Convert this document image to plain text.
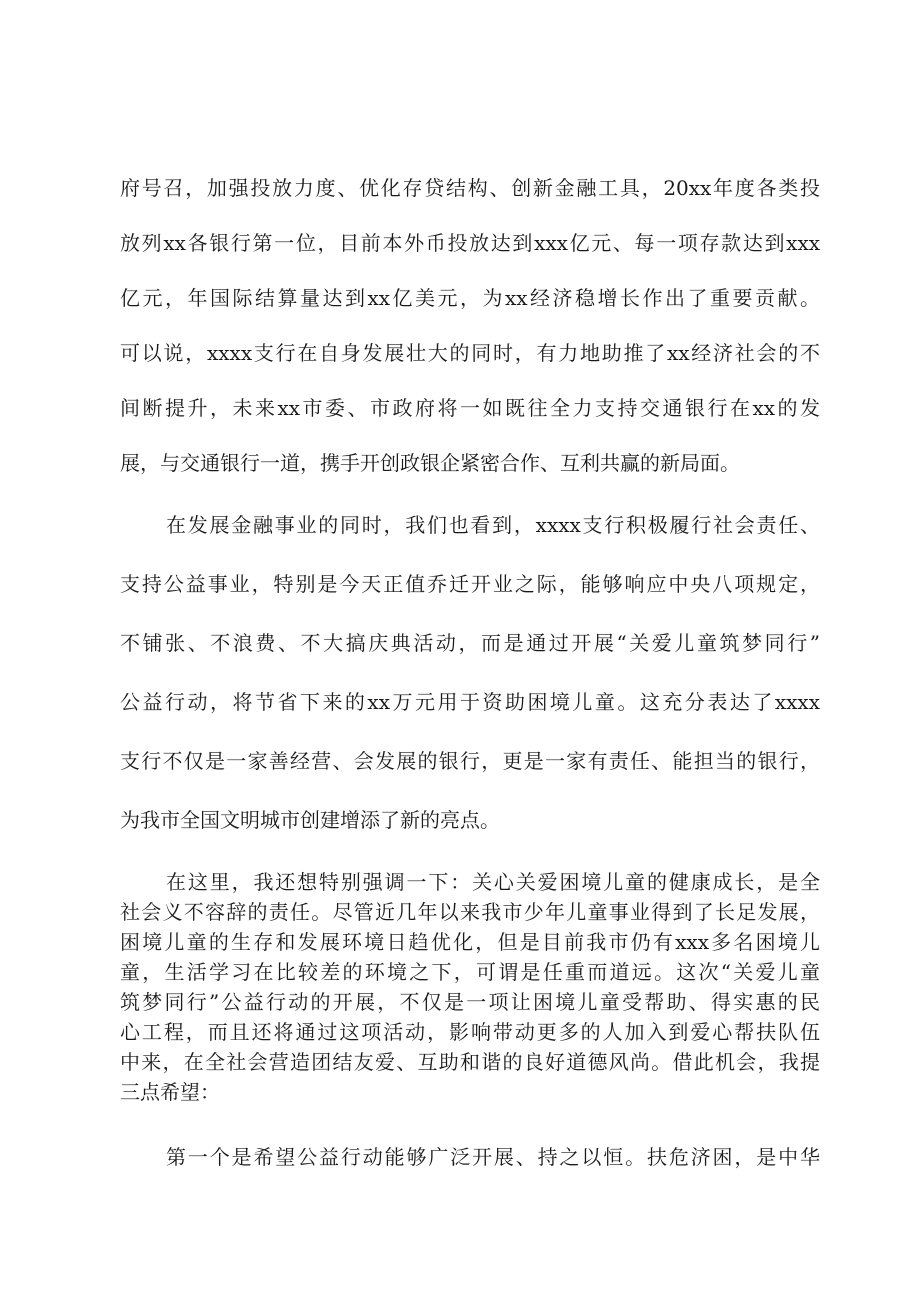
府号召，加强投放力度、优化存贷结构、创新金融工具，20xx年度各类投
放列xx各银行第一位，目前本外币投放达到xxx亿元、每一项存款达到xxx
亿元，年国际结算量达到xx亿美元，为xx经济稳增长作出了重要贡献。
可以说，xxxx支行在自身发展壮大的同时，有力地助推了xx经济社会的不
间断提升，未来xx市委、市政府将一如既往全力支持交通银行在xx的发
展，与交通银行一道，携手开创政银企紧密合作、互利共赢的新局面。
在发展金融事业的同时，我们也看到，xxxx支行积极履行社会责任、
支持公益事业，特别是今天正值乔迁开业之际，能够响应中央八项规定，
不铺张、不浪费、不大搞庆典活动，而是通过开展“关爱儿童筑梦同行”
公益行动，将节省下来的xx万元用于资助困境儿童。这充分表达了xxxx
支行不仅是一家善经营、会发展的银行，更是一家有责任、能担当的银行，
为我市全国文明城市创建增添了新的亮点。
在这里，我还想特别强调一下：关心关爱困境儿童的健康成长，是全
社会义不容辞的责任。尽管近几年以来我市少年儿童事业得到了长足发展，
困境儿童的生存和发展环境日趋优化，但是目前我市仍有xxx多名困境儿
童，生活学习在比较差的环境之下，可谓是任重而道远。这次“关爱儿童
筑梦同行”公益行动的开展，不仅是一项让困境儿童受帮助、得实惠的民
心工程，而且还将通过这项活动，影响带动更多的人加入到爱心帮扶队伍
中来，在全社会营造团结友爱、互助和谐的良好道德风尚。借此机会，我提
三点希望：
第一个是希望公益行动能够广泛开展、持之以恒。扶危济困，是中华
